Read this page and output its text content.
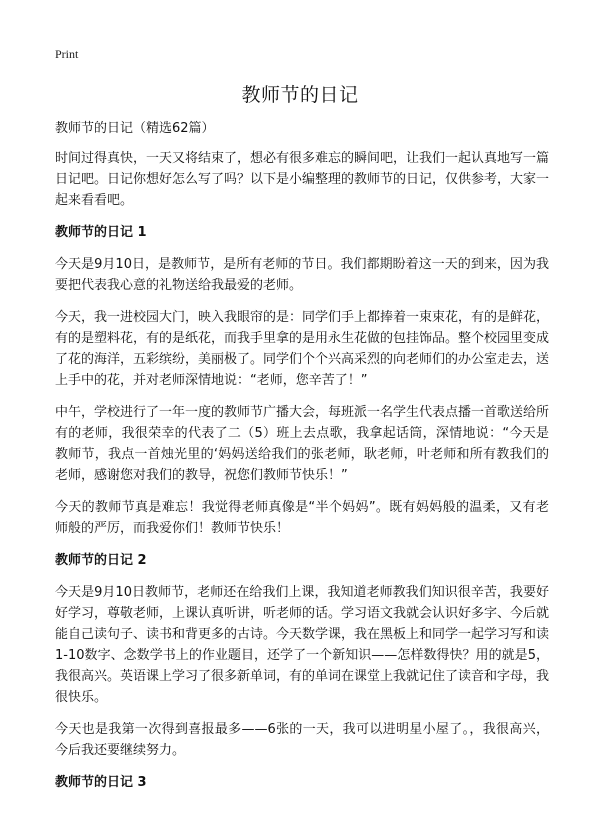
Print
教师节的日记

教师节的日记（精选62篇）

时间过得真快，一天又将结束了，想必有很多难忘的瞬间吧，让我们一起认真地写一篇日记吧。日记你想好怎么写了吗？以下是小编整理的教师节的日记，仅供参考，大家一起来看看吧。

教师节的日记 1

今天是9月10日，是教师节，是所有老师的节日。我们都期盼着这一天的到来，因为我要把代表我心意的礼物送给我最爱的老师。

今天，我一进校园大门，映入我眼帘的是：同学们手上都捧着一束束花，有的是鲜花，有的是塑料花，有的是纸花，而我手里拿的是用永生花做的包挂饰品。整个校园里变成了花的海洋，五彩缤纷，美丽极了。同学们个个兴高采烈的向老师们的办公室走去，送上手中的花，并对老师深情地说：“老师，您辛苦了！”

中午，学校进行了一年一度的教师节广播大会，每班派一名学生代表点播一首歌送给所有的老师，我很荣幸的代表了二（5）班上去点歌，我拿起话筒，深情地说：“今天是教师节，我点一首烛光里的‘妈妈送给我们的张老师，耿老师，叶老师和所有教我们的老师，感谢您对我们的教导，祝您们教师节快乐！”

今天的教师节真是难忘！我觉得老师真像是“半个妈妈”。既有妈妈般的温柔，又有老师般的严厉，而我爱你们！教师节快乐！

教师节的日记 2

今天是9月10日教师节，老师还在给我们上课，我知道老师教我们知识很辛苦，我要好好学习，尊敬老师，上课认真听讲，听老师的话。学习语文我就会认识好多字、今后就能自己读句子、读书和背更多的古诗。今天数学课，我在黑板上和同学一起学习写和读1-10数字、念数学书上的作业题目，还学了一个新知识——怎样数得快？用的就是5，我很高兴。英语课上学习了很多新单词，有的单词在课堂上我就记住了读音和字母，我很快乐。

今天也是我第一次得到喜报最多——6张的一天，我可以进明星小屋了。，我很高兴，今后我还要继续努力。

教师节的日记 3
